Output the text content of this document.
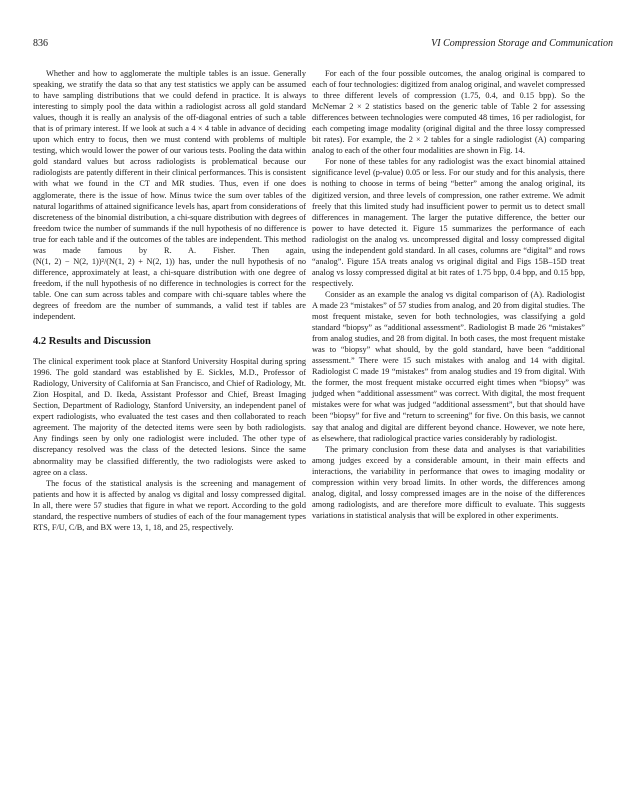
836	VI Compression Storage and Communication

Whether and how to agglomerate the multiple tables is an issue. Generally speaking, we stratify the data so that any test statistics we apply can be assumed to have sampling distributions that we could defend in practice. It is always interesting to simply pool the data within a radiologist across all gold standard values, though it is really an analysis of the off-diagonal entries of such a table that is of primary interest. If we look at such a 4 × 4 table in advance of deciding upon which entry to focus, then we must contend with problems of multiple testing, which would lower the power of our various tests. Pooling the data within gold standard values but across radiologists is problematical because our radiologists are patently different in their clinical performances. This is consistent with what we found in the CT and MR studies. Thus, even if one does agglomerate, there is the issue of how. Minus twice the sum over tables of the natural logarithms of attained significance levels has, apart from considerations of discreteness of the binomial distribution, a chi-square distribution with degrees of freedom twice the number of summands if the null hypothesis of no difference is true for each table and if the outcomes of the tables are independent. This method was made famous by R. A. Fisher. Then again, (N(1, 2) − N(2, 1))²/(N(1, 2) + N(2, 1)) has, under the null hypothesis of no difference, approximately at least, a chi-square distribution with one degree of freedom, if the null hypothesis of no difference in technologies is correct for the table. One can sum across tables and compare with chi-square tables where the degrees of freedom are the number of summands, a valid test if tables are independent.

4.2 Results and Discussion

The clinical experiment took place at Stanford University Hospital during spring 1996. The gold standard was established by E. Sickles, M.D., Professor of Radiology, University of California at San Francisco, and Chief of Radiology, Mt. Zion Hospital, and D. Ikeda, Assistant Professor and Chief, Breast Imaging Section, Department of Radiology, Stanford University, an independent panel of expert radiologists, who evaluated the test cases and then collaborated to reach agreement. The majority of the detected items were seen by both radiologists. Any findings seen by only one radiologist were included. The other type of discrepancy resolved was the class of the detected lesions. Since the same abnormality may be classified differently, the two radiologists were asked to agree on a class.

The focus of the statistical analysis is the screening and management of patients and how it is affected by analog vs digital and lossy compressed digital. In all, there were 57 studies that figure in what we report. According to the gold standard, the respective numbers of studies of each of the four management types RTS, F/U, C/B, and BX were 13, 1, 18, and 25, respectively.

For each of the four possible outcomes, the analog original is compared to each of four technologies: digitized from analog original, and wavelet compressed to three different levels of compression (1.75, 0.4, and 0.15 bpp). So the McNemar 2 × 2 statistics based on the generic table of Table 2 for assessing differences between technologies were computed 48 times, 16 per radiologist, for each competing image modality (original digital and the three lossy compressed bit rates). For example, the 2 × 2 tables for a single radiologist (A) comparing analog to each of the other four modalities are shown in Fig. 14.

For none of these tables for any radiologist was the exact binomial attained significance level (p-value) 0.05 or less. For our study and for this analysis, there is nothing to choose in terms of being “better” among the analog original, its digitized version, and three levels of compression, one rather extreme. We admit freely that this limited study had insufficient power to permit us to detect small differences in management. The larger the putative difference, the better our power to have detected it. Figure 15 summarizes the performance of each radiologist on the analog vs. uncompressed digital and lossy compressed digital using the independent gold standard. In all cases, columns are “digital” and rows “analog”. Figure 15A treats analog vs original digital and Figs 15B–15D treat analog vs lossy compressed digital at bit rates of 1.75 bpp, 0.4 bpp, and 0.15 bpp, respectively.

Consider as an example the analog vs digital comparison of (A). Radiologist A made 23 “mistakes” of 57 studies from analog, and 20 from digital studies. The most frequent mistake, seven for both technologies, was classifying a gold standard “biopsy” as “additional assessment”. Radiologist B made 26 “mistakes” from analog studies, and 28 from digital. In both cases, the most frequent mistake was to “biopsy” what should, by the gold standard, have been “additional assessment.” There were 15 such mistakes with analog and 14 with digital. Radiologist C made 19 “mistakes” from analog studies and 19 from digital. With the former, the most frequent mistake occurred eight times when “biopsy” was judged when “additional assessment” was correct. With digital, the most frequent mistakes were for what was judged “additional assessment”, but that should have been “biopsy” for five and “return to screening” for five. On this basis, we cannot say that analog and digital are different beyond chance. However, we note here, as elsewhere, that radiological practice varies considerably by radiologist.

The primary conclusion from these data and analyses is that variabilities among judges exceed by a considerable amount, in their main effects and interactions, the variability in performance that owes to imaging modality or compression within very broad limits. In other words, the differences among analog, digital, and lossy compressed images are in the noise of the differences among radiologists, and are therefore more difficult to evaluate. This suggests variations in statistical analysis that will be explored in other experiments.
